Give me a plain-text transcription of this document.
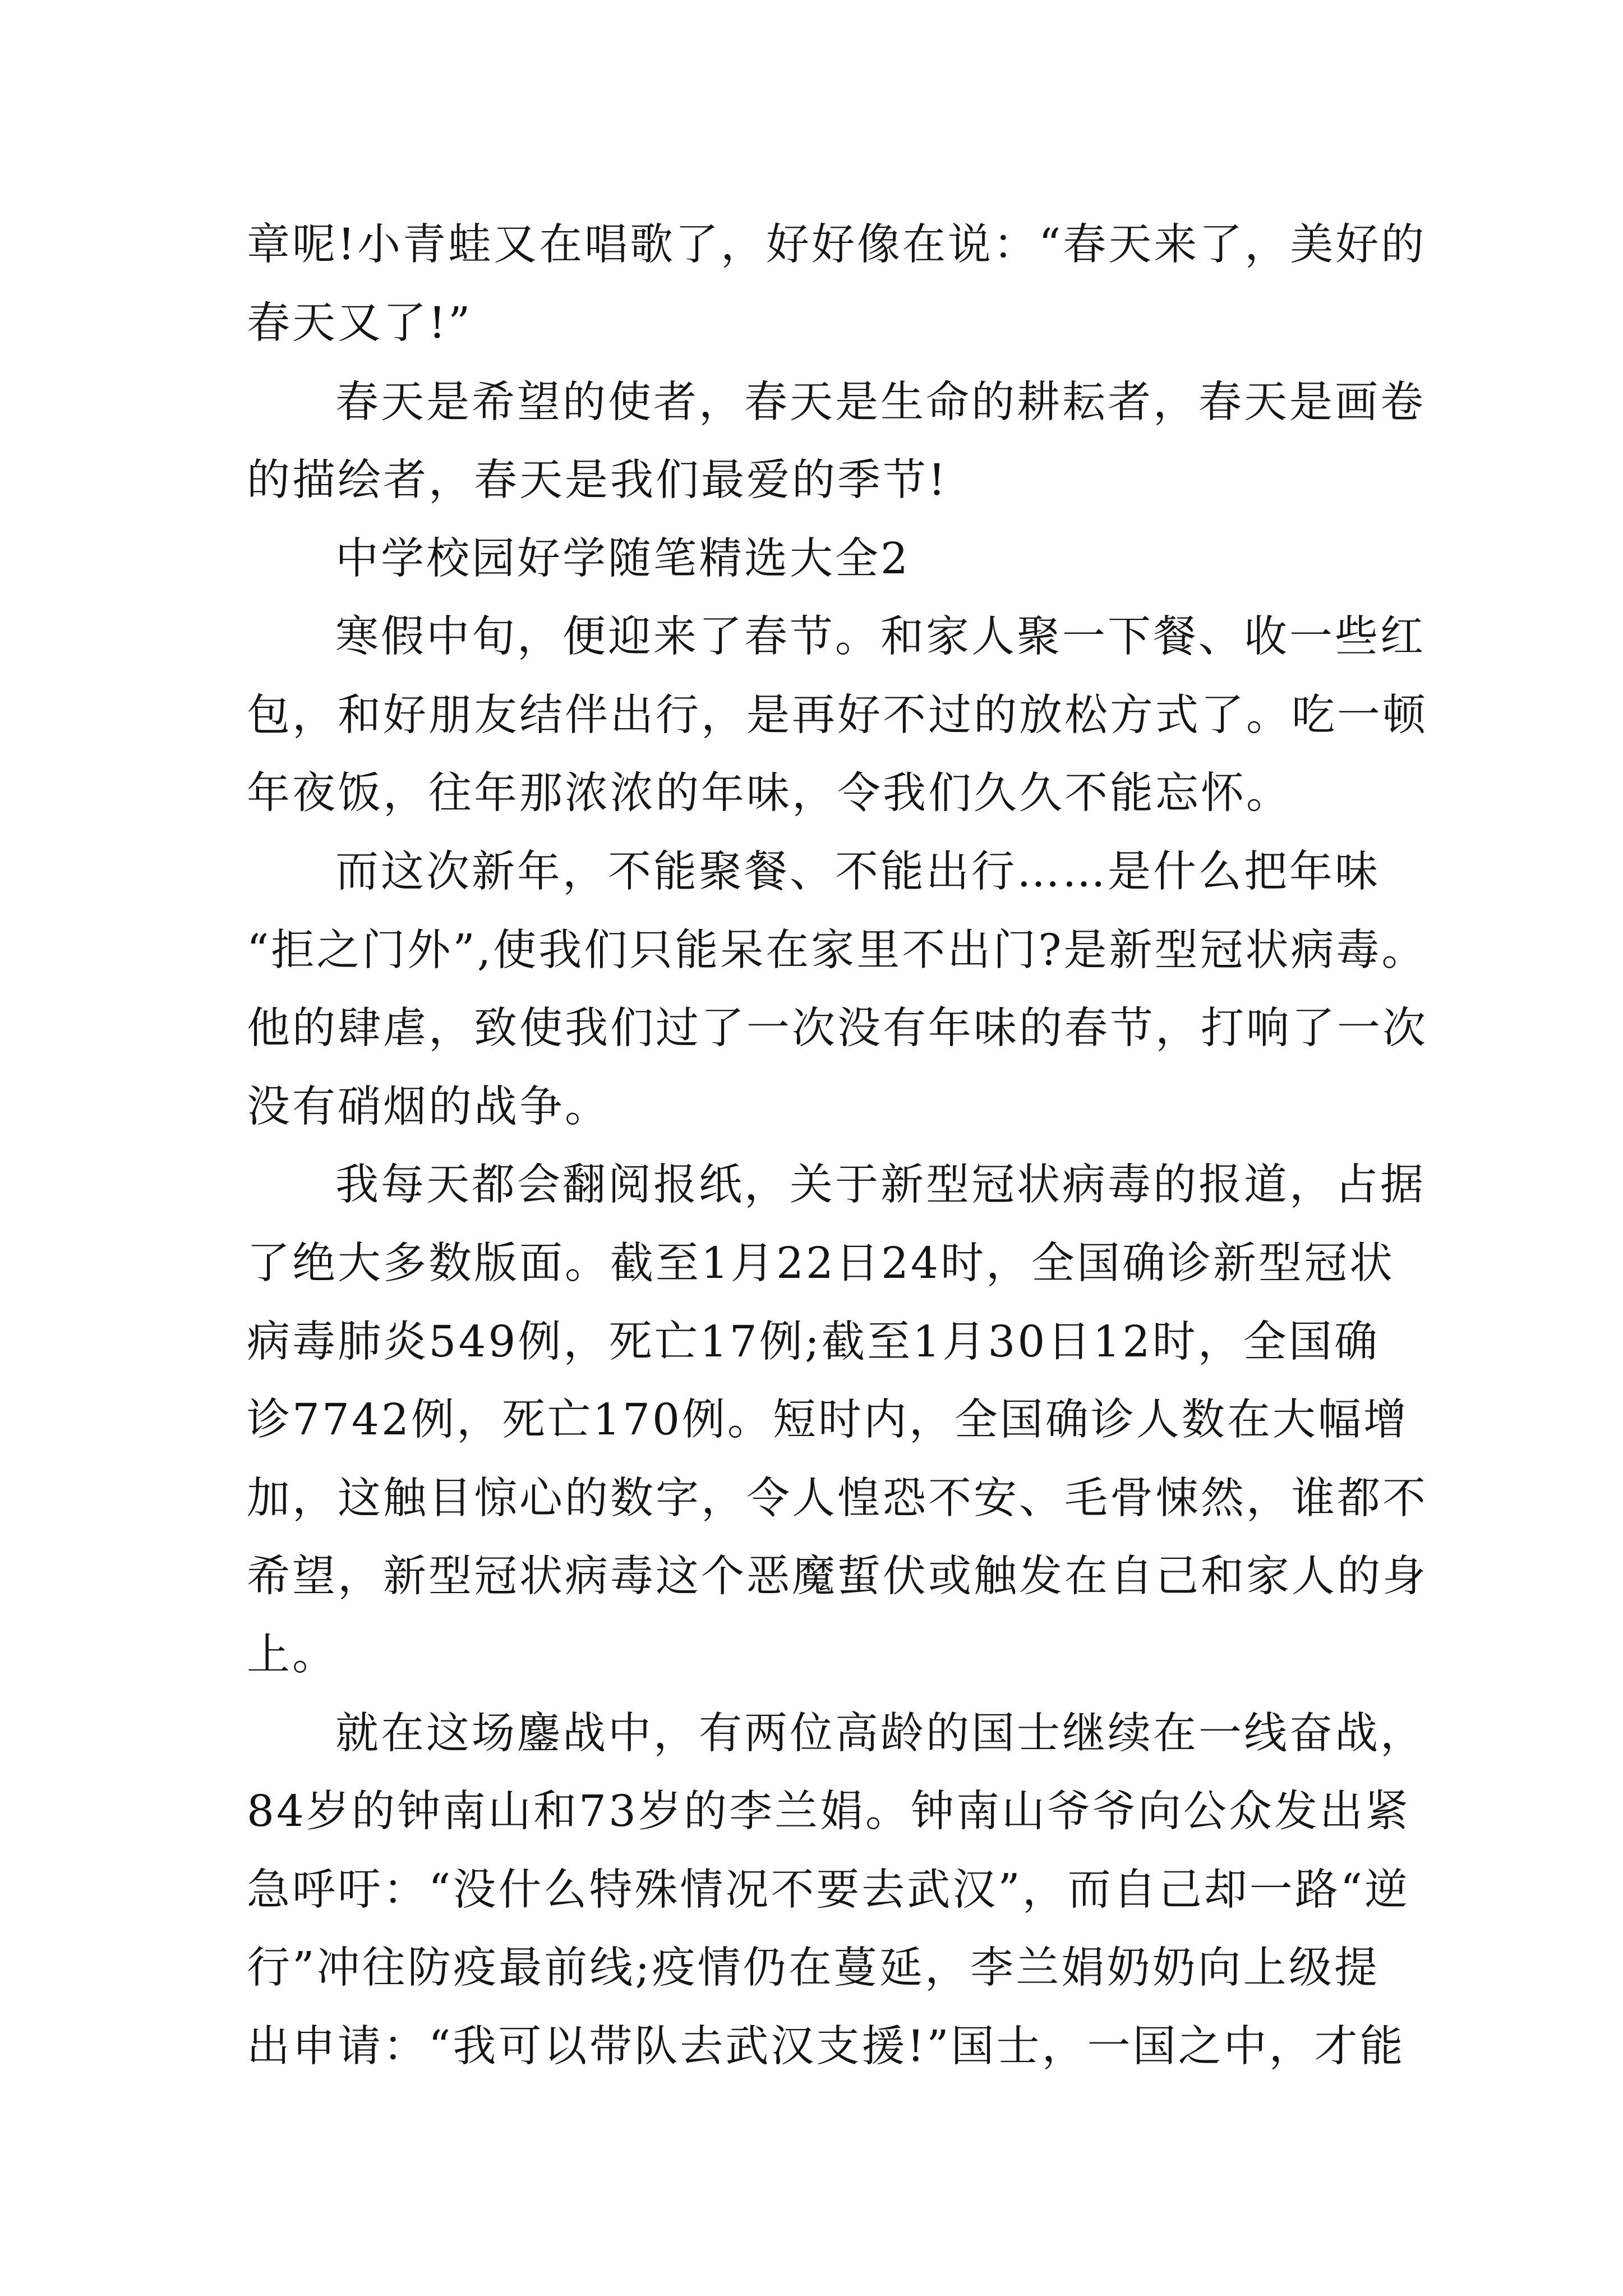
章呢!小青蛙又在唱歌了，好好像在说：“春天来了，美好的

春天又了!”

春天是希望的使者，春天是生命的耕耘者，春天是画卷

的描绘者，春天是我们最爱的季节!

中学校园好学随笔精选大全2

寒假中旬，便迎来了春节。和家人聚一下餐、收一些红

包，和好朋友结伴出行，是再好不过的放松方式了。吃一顿

年夜饭，往年那浓浓的年味，令我们久久不能忘怀。

而这次新年，不能聚餐、不能出行……是什么把年味

“拒之门外”,使我们只能呆在家里不出门?是新型冠状病毒。

他的肆虐，致使我们过了一次没有年味的春节，打响了一次

没有硝烟的战争。

我每天都会翻阅报纸，关于新型冠状病毒的报道，占据

了绝大多数版面。截至1月22日24时，全国确诊新型冠状

病毒肺炎549例，死亡17例;截至1月30日12时，全国确

诊7742例，死亡170例。短时内，全国确诊人数在大幅增

加，这触目惊心的数字，令人惶恐不安、毛骨悚然，谁都不

希望，新型冠状病毒这个恶魔蜇伏或触发在自己和家人的身

上。

就在这场鏖战中，有两位高龄的国士继续在一线奋战，

84岁的钟南山和73岁的李兰娟。钟南山爷爷向公众发出紧

急呼吁：“没什么特殊情况不要去武汉”，而自己却一路“逆

行”冲往防疫最前线;疫情仍在蔓延，李兰娟奶奶向上级提

出申请：“我可以带队去武汉支援!”国士，一国之中，才能
